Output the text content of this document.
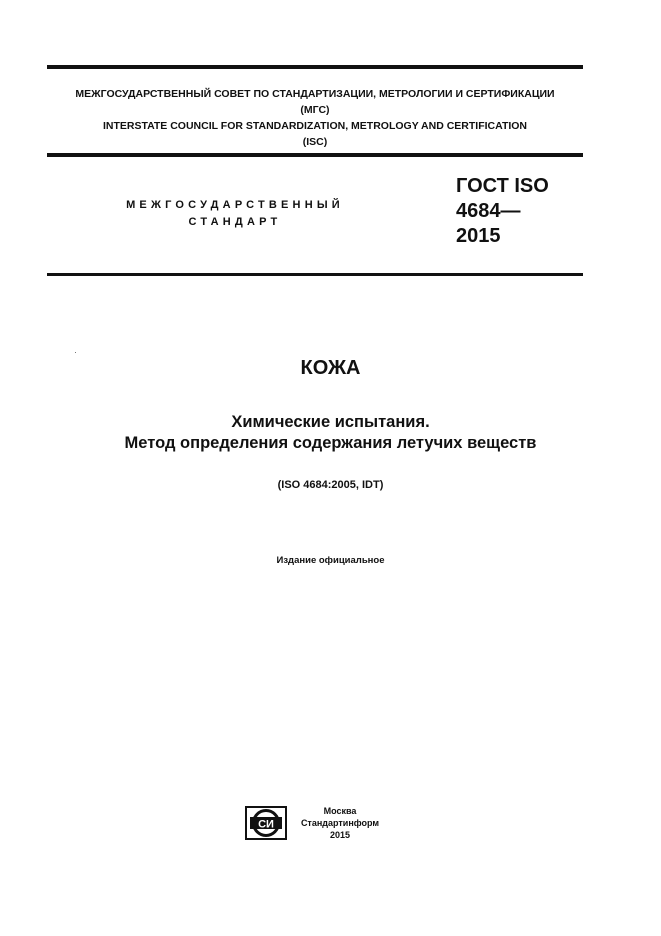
МЕЖГОСУДАРСТВЕННЫЙ СОВЕТ ПО СТАНДАРТИЗАЦИИ, МЕТРОЛОГИИ И СЕРТИФИКАЦИИ
(МГС)
INTERSTATE COUNCIL FOR STANDARDIZATION, METROLOGY AND CERTIFICATION
(ISC)
МЕЖГОСУДАРСТВЕННЫЙ
СТАНДАРТ
ГОСТ ISO
4684—
2015
КОЖА
Химические испытания.
Метод определения содержания летучих веществ
(ISO 4684:2005, IDT)
Издание официальное
СИ
Москва
Стандартинформ
2015
